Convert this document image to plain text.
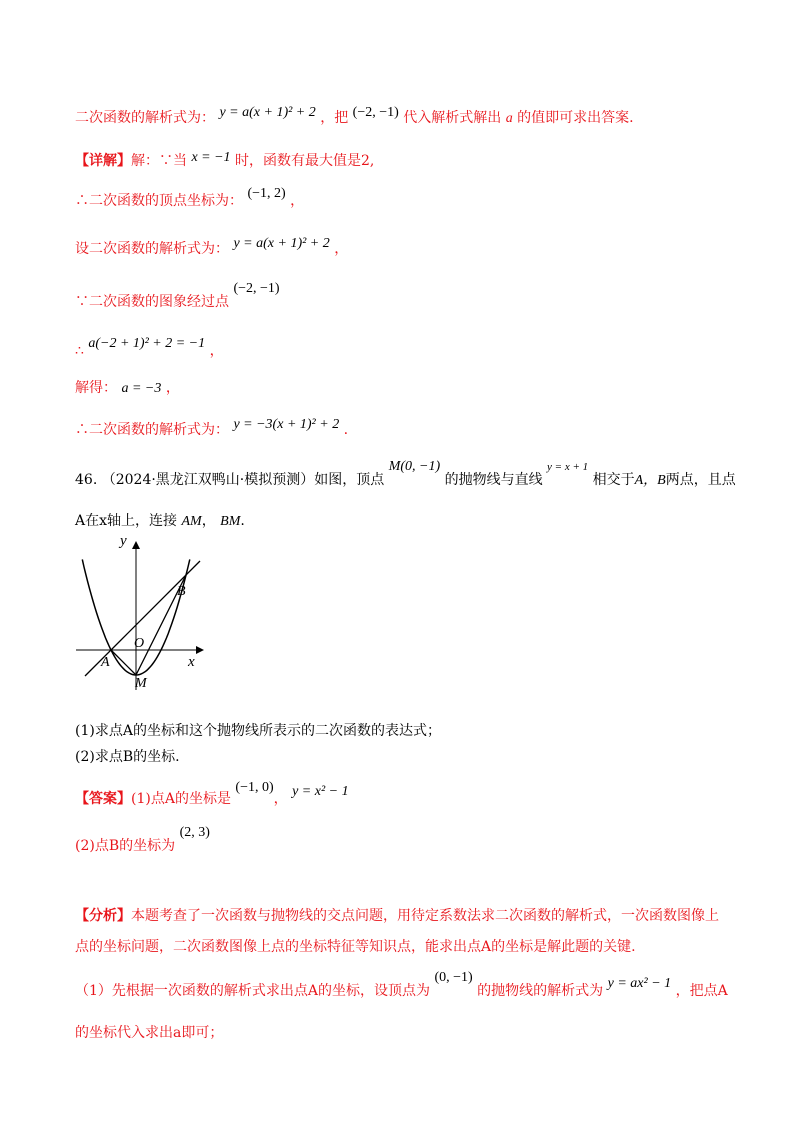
二次函数的解析式为： y = a(x + 1)² + 2 ，把 (−2, −1) 代入解析式解出 a 的值即可求出答案.
【详解】解：∵当 x = −1 时，函数有最大值是2,
∴二次函数的顶点坐标为： (−1, 2) ，
设二次函数的解析式为： y = a(x + 1)² + 2 ，
∵二次函数的图象经过点 (−2, −1)
∴ a(−2 + 1)² + 2 = −1 ，
解得： a = −3 ，
∴二次函数的解析式为： y = −3(x + 1)² + 2 .
46. （2024·黑龙江双鸭山·模拟预测）如图，顶点 M(0, −1) 的抛物线与直线 $^{y = x + 1}$ 相交于A，B两点，且点
A在x轴上，连接 AM， BM.
y
x
O
A
B
M
(1)求点A的坐标和这个抛物线所表示的二次函数的表达式；
(2)求点B的坐标.
【答案】(1)点A的坐标是 (−1, 0)， y = x² − 1
(2)点B的坐标为 (2, 3)
【分析】本题考查了一次函数与抛物线的交点问题，用待定系数法求二次函数的解析式，一次函数图像上
点的坐标问题，二次函数图像上点的坐标特征等知识点，能求出点A的坐标是解此题的关键.
（1）先根据一次函数的解析式求出点A的坐标，设顶点为 (0, −1) 的抛物线的解析式为 y = ax² − 1 ，把点A
的坐标代入求出a即可；
